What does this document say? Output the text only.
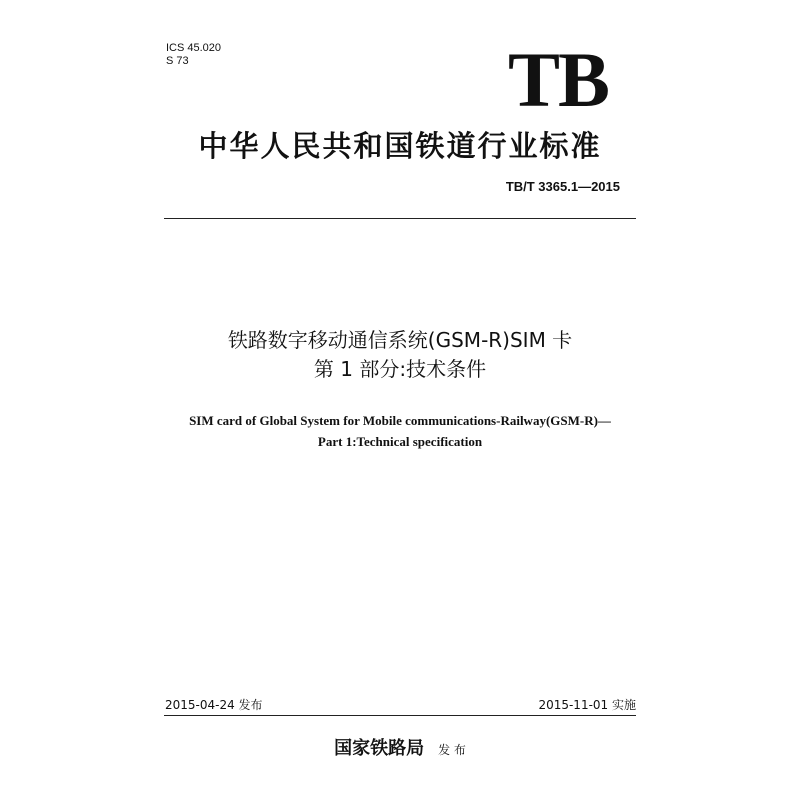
ICS 45.020
S 73	TB
中华人民共和国铁道行业标准
TB/T 3365.1—2015
铁路数字移动通信系统(GSM-R)SIM 卡
第 1 部分:技术条件
SIM card of Global System for Mobile communications-Railway(GSM-R)—
Part 1:Technical specification
2015-04-24 发布	2015-11-01 实施
国家铁路局 发 布
